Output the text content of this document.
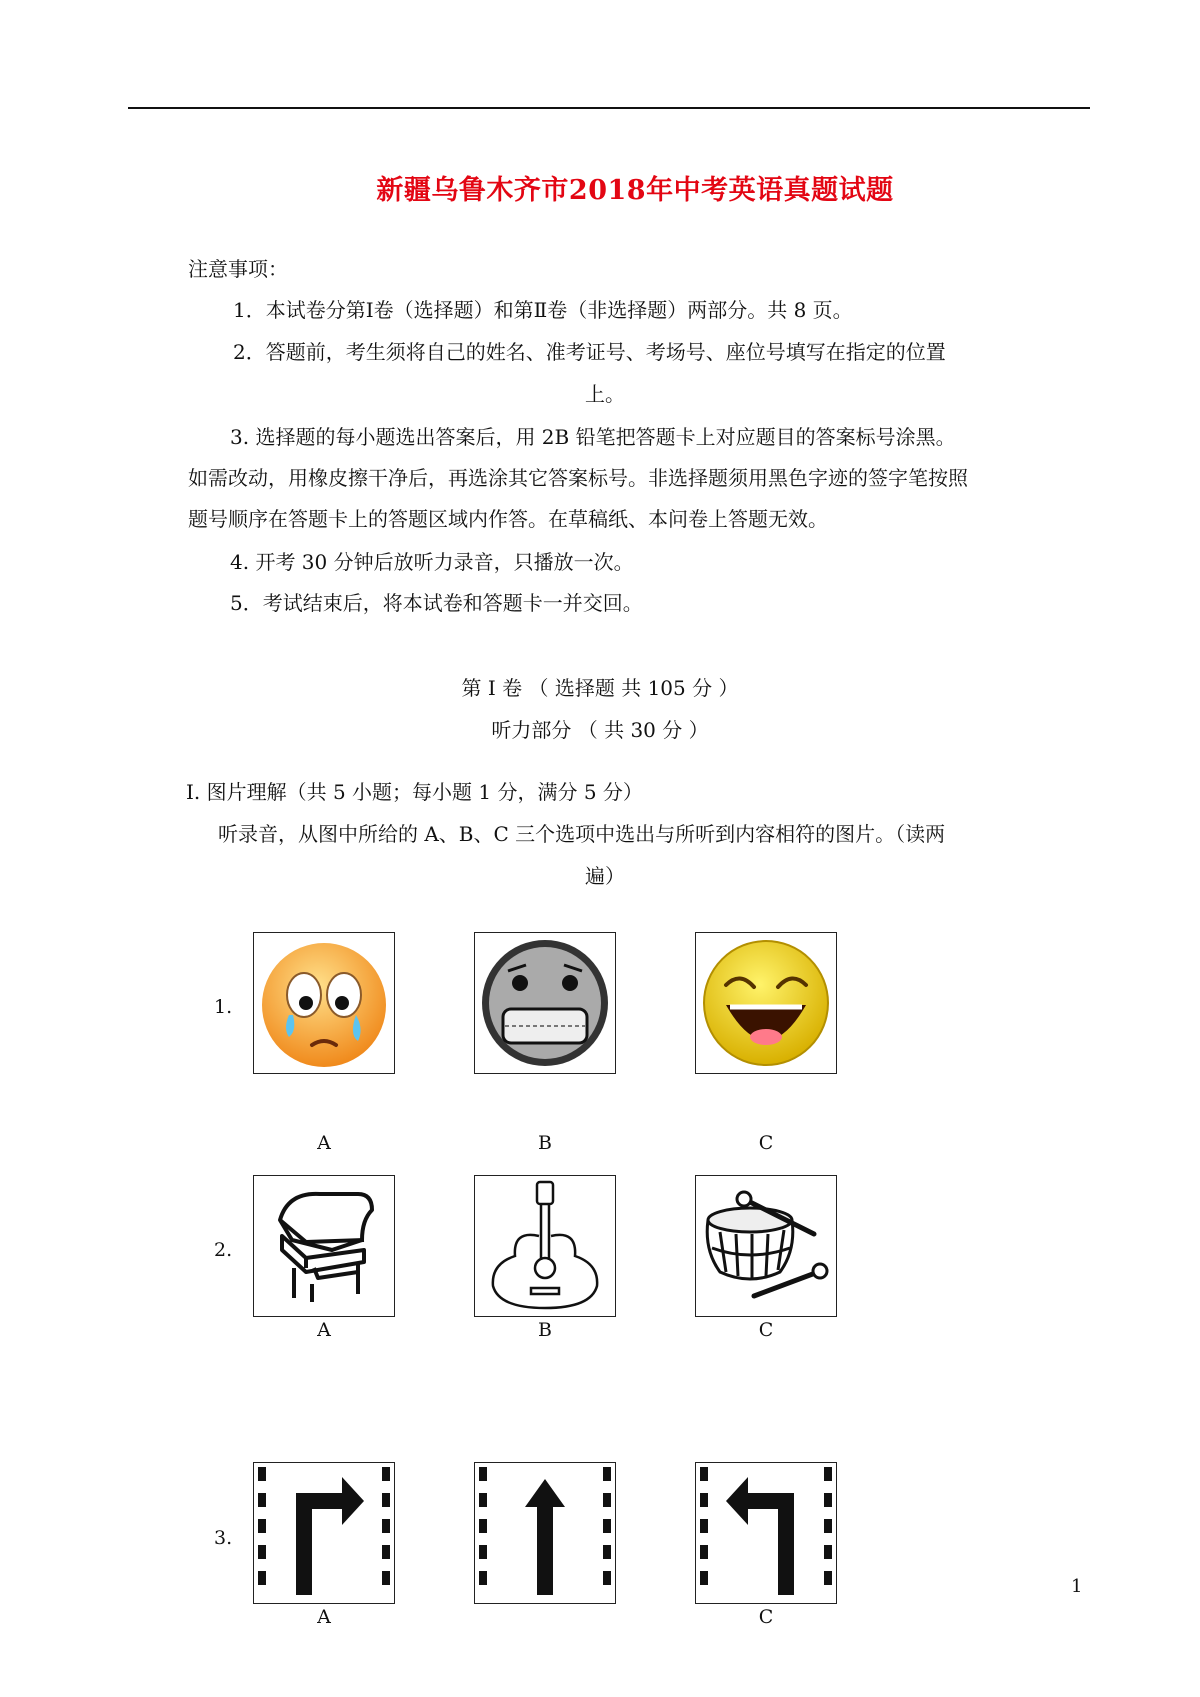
新疆乌鲁木齐市2018年中考英语真题试题
注意事项：
1．本试卷分第Ⅰ卷（选择题）和第Ⅱ卷（非选择题）两部分。共 8 页。
2．答题前，考生须将自己的姓名、准考证号、考场号、座位号填写在指定的位置
上。
3. 选择题的每小题选出答案后，用 2B 铅笔把答题卡上对应题目的答案标号涂黑。
如需改动，用橡皮擦干净后，再选涂其它答案标号。非选择题须用黑色字迹的签字笔按照
题号顺序在答题卡上的答题区域内作答。在草稿纸、本问卷上答题无效。
4. 开考 30 分钟后放听力录音，只播放一次。
5．考试结束后，将本试卷和答题卡一并交回。
第 Ⅰ 卷 （ 选择题 共 105 分 ）
听力部分 （ 共 30 分 ）
I. 图片理解（共 5 小题；每小题 1 分，满分 5 分）
听录音，从图中所给的 A、B、C 三个选项中选出与所听到内容相符的图片。（读两
遍）
1.
A	B	C
2.
A	B	C
3.
A	C
1
